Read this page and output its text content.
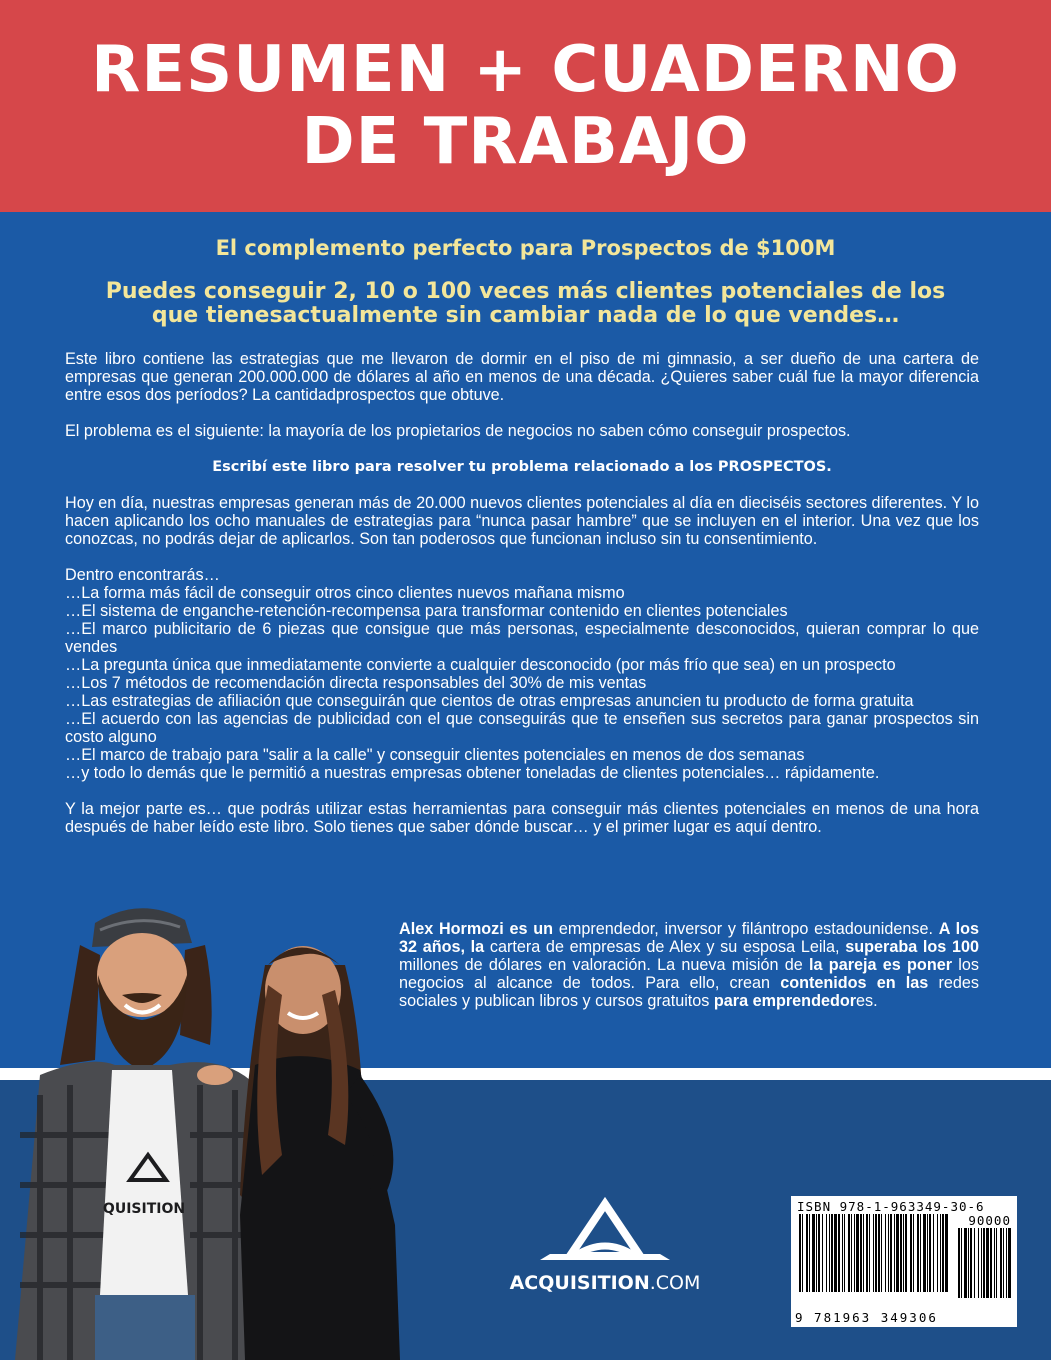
RESUMEN + CUADERNO
DE TRABAJO
El complemento perfecto para Prospectos de $100M
Puedes conseguir 2, 10 o 100 veces más clientes potenciales de los que tienesactualmente sin cambiar nada de lo que vendes…

Este libro contiene las estrategias que me llevaron de dormir en el piso de mi gimnasio, a ser dueño de una cartera de empresas que generan 200.000.000 de dólares al año en menos de una década. ¿Quieres saber cuál fue la mayor diferencia entre esos dos períodos? La cantidadprospectos que obtuve.

El problema es el siguiente: la mayoría de los propietarios de negocios no saben cómo conseguir prospectos.

Escribí este libro para resolver tu problema relacionado a los PROSPECTOS.

Hoy en día, nuestras empresas generan más de 20.000 nuevos clientes potenciales al día en dieciséis sectores diferentes. Y lo hacen aplicando los ocho manuales de estrategias para “nunca pasar hambre” que se incluyen en el interior. Una vez que los conozcas, no podrás dejar de aplicarlos. Son tan poderosos que funcionan incluso sin tu consentimiento.

Dentro encontrarás…
…La forma más fácil de conseguir otros cinco clientes nuevos mañana mismo
…El sistema de enganche-retención-recompensa para transformar contenido en clientes potenciales
…El marco publicitario de 6 piezas que consigue que más personas, especialmente desconocidos, quieran comprar lo que vendes
…La pregunta única que inmediatamente convierte a cualquier desconocido (por más frío que sea) en un prospecto
…Los 7 métodos de recomendación directa responsables del 30% de mis ventas
…Las estrategias de afiliación que conseguirán que cientos de otras empresas anuncien tu producto de forma gratuita
…El acuerdo con las agencias de publicidad con el que conseguirás que te enseñen sus secretos para ganar prospectos sin costo alguno
…El marco de trabajo para "salir a la calle" y conseguir clientes potenciales en menos de dos semanas
…y todo lo demás que le permitió a nuestras empresas obtener toneladas de clientes potenciales… rápidamente.

Y la mejor parte es… que podrás utilizar estas herramientas para conseguir más clientes potenciales en menos de una hora después de haber leído este libro. Solo tienes que saber dónde buscar… y el primer lugar es aquí dentro.

Alex Hormozi es un emprendedor, inversor y filántropo estadounidense. A los 32 años, la cartera de empresas de Alex y su esposa Leila, superaba los 100 millones de dólares en valoración. La nueva misión de la pareja es poner los negocios al alcance de todos. Para ello, crean contenidos en las redes sociales y publican libros y cursos gratuitos para emprendedores.
QUISITION
ACQUISITION.COM
ISBN 978-1-963349-30-6
90000
9 781963 349306
